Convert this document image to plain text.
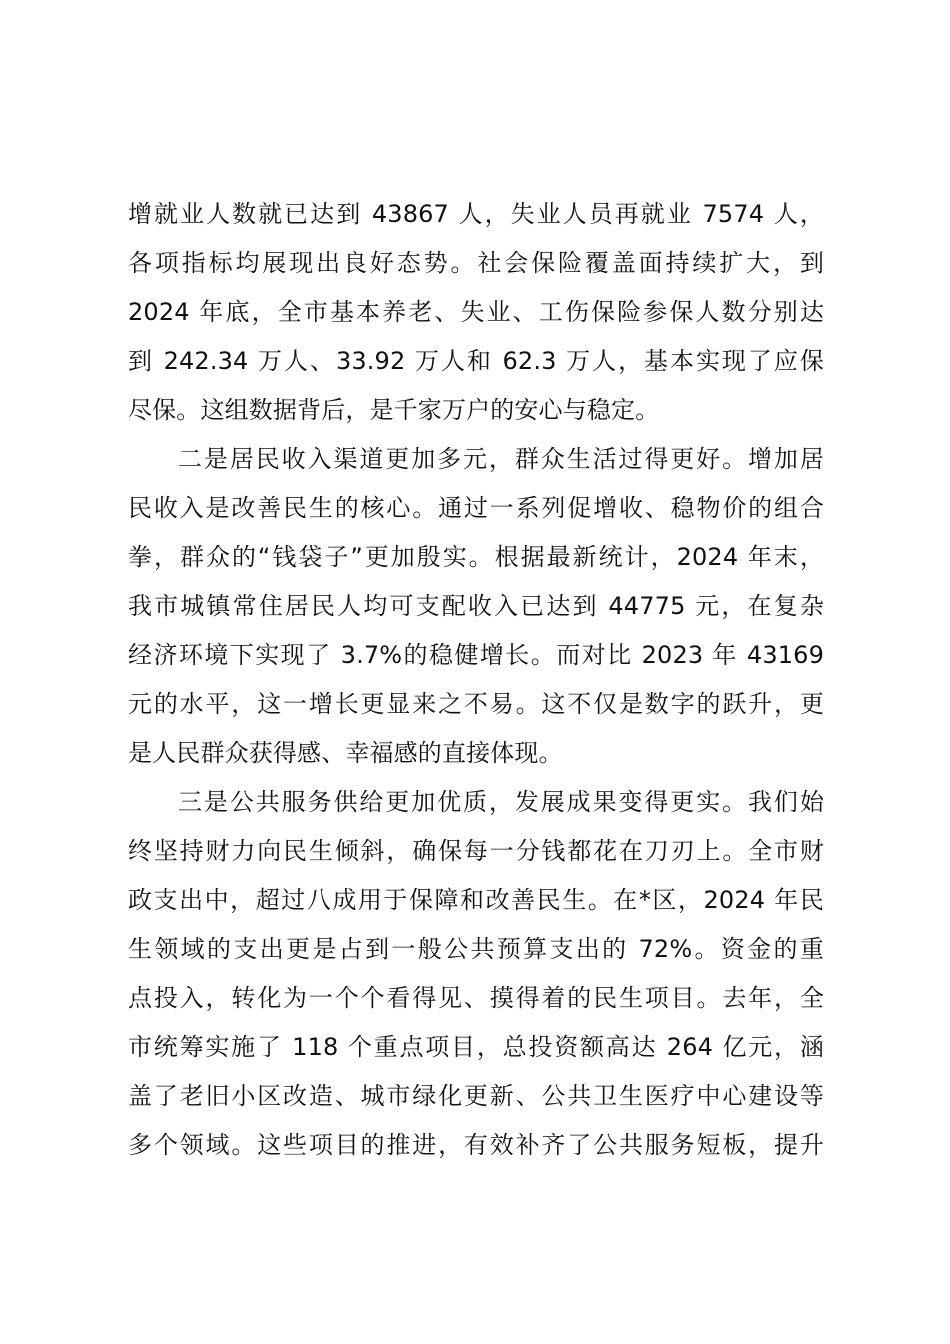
增就业人数就已达到 43867 人，失业人员再就业 7574 人，
各项指标均展现出良好态势。社会保险覆盖面持续扩大，到
2024 年底，全市基本养老、失业、工伤保险参保人数分别达
到 242.34 万人、33.92 万人和 62.3 万人，基本实现了应保
尽保。这组数据背后，是千家万户的安心与稳定。
二是居民收入渠道更加多元，群众生活过得更好。增加居
民收入是改善民生的核心。通过一系列促增收、稳物价的组合
拳，群众的“钱袋子”更加殷实。根据最新统计，2024 年末，
我市城镇常住居民人均可支配收入已达到 44775 元，在复杂
经济环境下实现了 3.7%的稳健增长。而对比 2023 年 43169
元的水平，这一增长更显来之不易。这不仅是数字的跃升，更
是人民群众获得感、幸福感的直接体现。
三是公共服务供给更加优质，发展成果变得更实。我们始
终坚持财力向民生倾斜，确保每一分钱都花在刀刃上。全市财
政支出中，超过八成用于保障和改善民生。在*区，2024 年民
生领域的支出更是占到一般公共预算支出的 72%。资金的重
点投入，转化为一个个看得见、摸得着的民生项目。去年，全
市统筹实施了 118 个重点项目，总投资额高达 264 亿元，涵
盖了老旧小区改造、城市绿化更新、公共卫生医疗中心建设等
多个领域。这些项目的推进，有效补齐了公共服务短板，提升
